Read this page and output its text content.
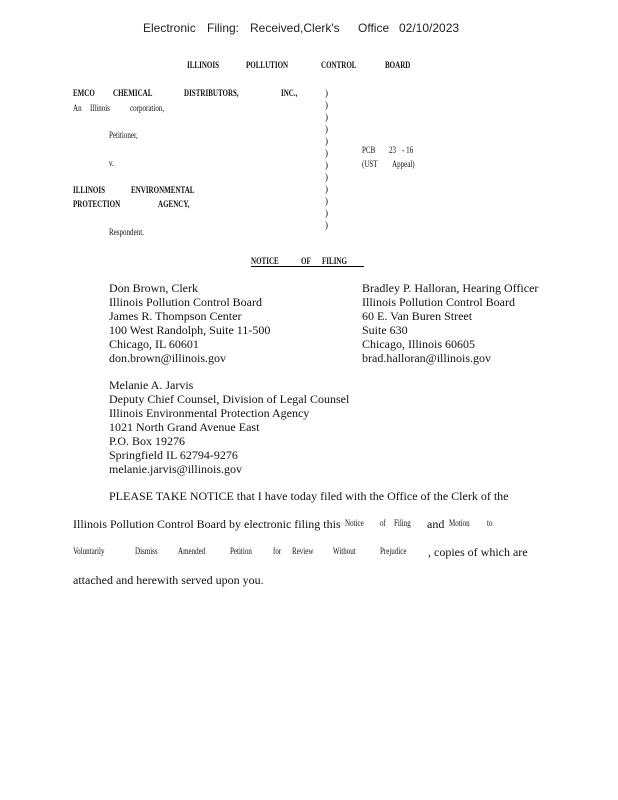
Electronic Filing: Received,Clerk's Office 02/10/2023
ILLINOIS	POLLUTION	CONTROL	BOARD
EMCO CHEMICAL	DISTRIBUTORS,	INC.,
An Illinois corporation,
Petitioner,
v.
ILLINOIS	ENVIRONMENTAL
PROTECTION	AGENCY,
Respondent.
)
)
)
)
)
)
)
)
)
)
)
)
PCB 23 - 16
(UST Appeal)
NOTICE OF FILING
Don Brown, Clerk
Illinois Pollution Control Board
James R. Thompson Center
100 West Randolph, Suite 11-500
Chicago, IL 60601
don.brown@illinois.gov
Bradley P. Halloran, Hearing Officer
Illinois Pollution Control Board
60 E. Van Buren Street
Suite 630
Chicago, Illinois 60605
brad.halloran@illinois.gov
Melanie A. Jarvis
Deputy Chief Counsel, Division of Legal Counsel
Illinois Environmental Protection Agency
1021 North Grand Avenue East
P.O. Box 19276
Springfield IL 62794-9276
melanie.jarvis@illinois.gov
PLEASE TAKE NOTICE that I have today filed with the Office of the Clerk of the
Illinois Pollution Control Board by electronic filing this Notice of Filing and Motion to
Voluntarily	Dismiss Amended	Petition for Review Without	Prejudice , copies of which are
attached and herewith served upon you.
